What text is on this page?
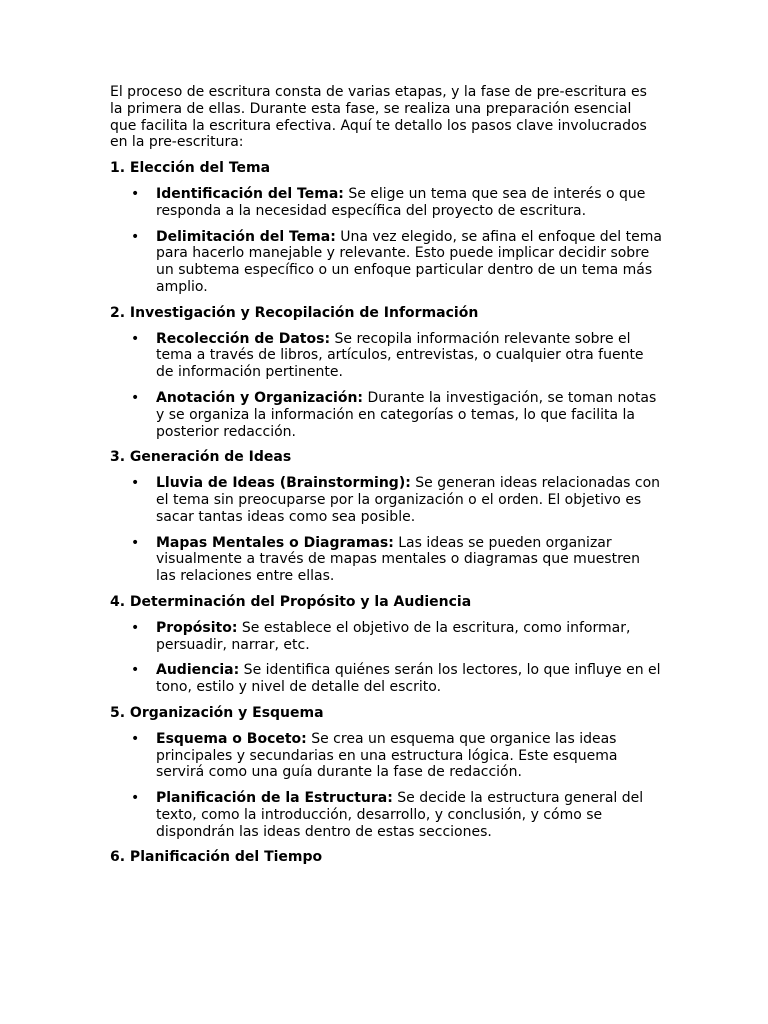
El proceso de escritura consta de varias etapas, y la fase de pre-escritura es la primera de ellas. Durante esta fase, se realiza una preparación esencial que facilita la escritura efectiva. Aquí te detallo los pasos clave involucrados en la pre-escritura:

1. Elección del Tema
• Identificación del Tema: Se elige un tema que sea de interés o que responda a la necesidad específica del proyecto de escritura.
• Delimitación del Tema: Una vez elegido, se afina el enfoque del tema para hacerlo manejable y relevante. Esto puede implicar decidir sobre un subtema específico o un enfoque particular dentro de un tema más amplio.
2. Investigación y Recopilación de Información
• Recolección de Datos: Se recopila información relevante sobre el tema a través de libros, artículos, entrevistas, o cualquier otra fuente de información pertinente.
• Anotación y Organización: Durante la investigación, se toman notas y se organiza la información en categorías o temas, lo que facilita la posterior redacción.
3. Generación de Ideas
• Lluvia de Ideas (Brainstorming): Se generan ideas relacionadas con el tema sin preocuparse por la organización o el orden. El objetivo es sacar tantas ideas como sea posible.
• Mapas Mentales o Diagramas: Las ideas se pueden organizar visualmente a través de mapas mentales o diagramas que muestren las relaciones entre ellas.
4. Determinación del Propósito y la Audiencia
• Propósito: Se establece el objetivo de la escritura, como informar, persuadir, narrar, etc.
• Audiencia: Se identifica quiénes serán los lectores, lo que influye en el tono, estilo y nivel de detalle del escrito.
5. Organización y Esquema
• Esquema o Boceto: Se crea un esquema que organice las ideas principales y secundarias en una estructura lógica. Este esquema servirá como una guía durante la fase de redacción.
• Planificación de la Estructura: Se decide la estructura general del texto, como la introducción, desarrollo, y conclusión, y cómo se dispondrán las ideas dentro de estas secciones.
6. Planificación del Tiempo
